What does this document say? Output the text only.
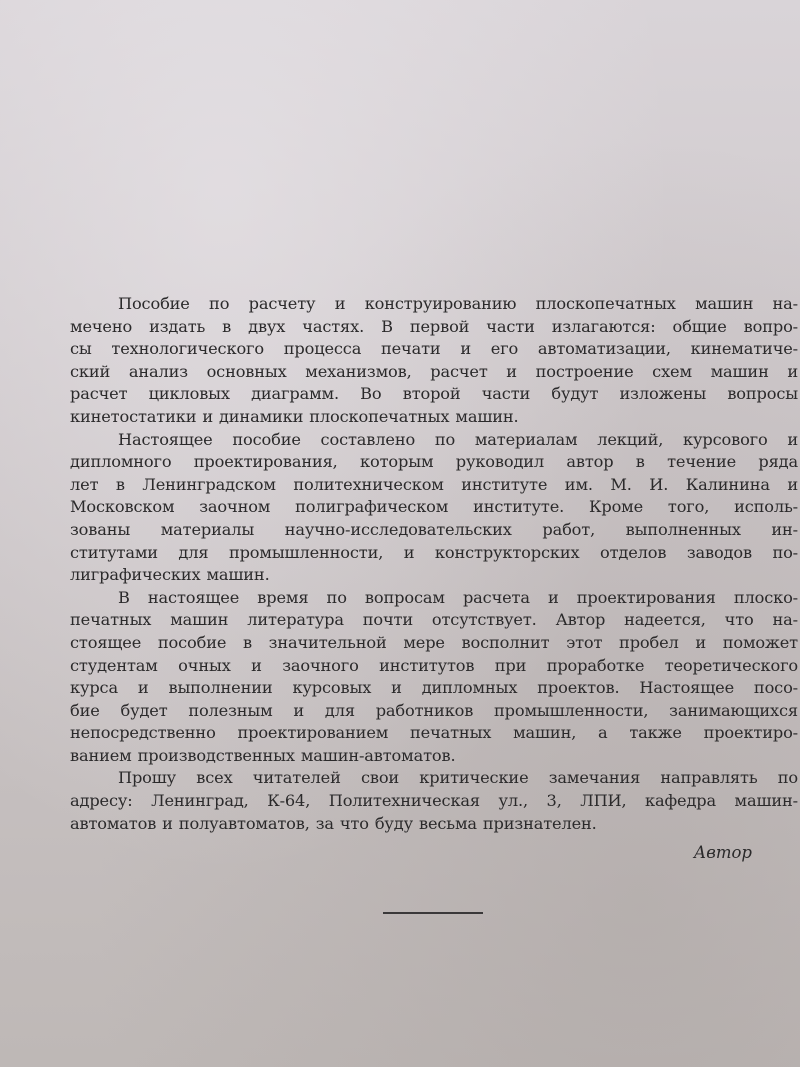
Пособие по расчету и конструированию плоскопечатных машин на-
мечено издать в двух частях. В первой части излагаются: общие вопро-
сы технологического процесса печати и его автоматизации, кинематиче-
ский анализ основных механизмов, расчет и построение схем машин и
расчет цикловых диаграмм. Во второй части будут изложены вопросы
кинетостатики и динамики плоскопечатных машин.

Настоящее пособие составлено по материалам лекций, курсового и
дипломного проектирования, которым руководил автор в течение ряда
лет в Ленинградском политехническом институте им. М. И. Калинина и
Московском заочном полиграфическом институте. Кроме того, исполь-
зованы материалы научно-исследовательских работ, выполненных ин-
ститутами для промышленности, и конструкторских отделов заводов по-
лиграфических машин.

В настоящее время по вопросам расчета и проектирования плоско-
печатных машин литература почти отсутствует. Автор надеется, что на-
стоящее пособие в значительной мере восполнит этот пробел и поможет
студентам очных и заочного институтов при проработке теоретического
курса и выполнении курсовых и дипломных проектов. Настоящее посо-
бие будет полезным и для работников промышленности, занимающихся
непосредственно проектированием печатных машин, а также проектиро-
ванием производственных машин-автоматов.

Прошу всех читателей свои критические замечания направлять по
адресу: Ленинград, К-64, Политехническая ул., 3, ЛПИ, кафедра машин-
автоматов и полуавтоматов, за что буду весьма признателен.

Автор
